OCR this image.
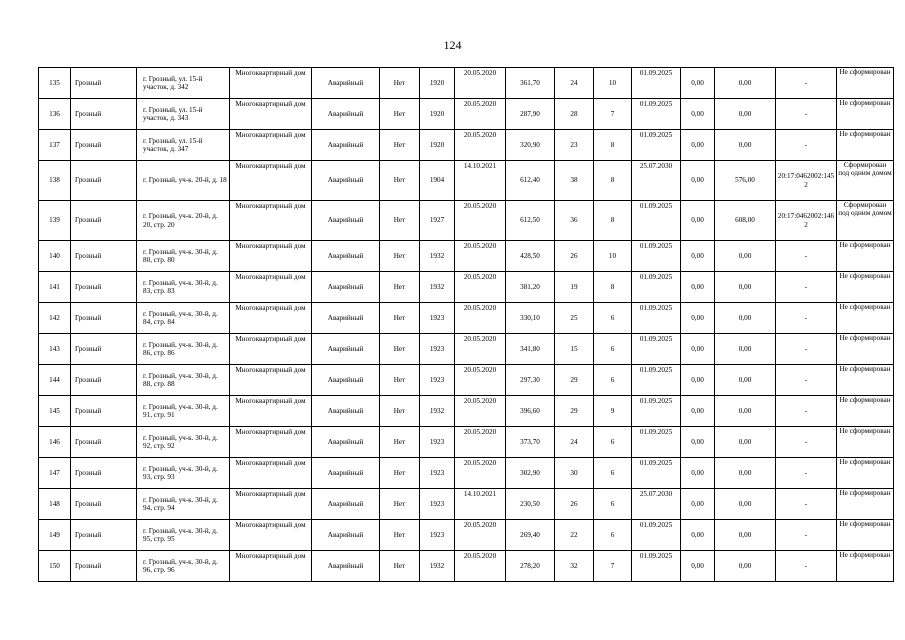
124
135	Грозный	г. Грозный, ул. 15-й участок, д. 342	Многоквартирный дом	Аварийный	Нет	1920	20.05.2020	361,70	24	10	01.09.2025	0,00	0,00	-	Не сформирован
136	Грозный	г. Грозный, ул. 15-й участок, д. 343	Многоквартирный дом	Аварийный	Нет	1920	20.05.2020	287,90	28	7	01.09.2025	0,00	0,00	-	Не сформирован
137	Грозный	г. Грозный, ул. 15-й участок, д. 347	Многоквартирный дом	Аварийный	Нет	1920	20.05.2020	320,90	23	8	01.09.2025	0,00	0,00	-	Не сформирован
138	Грозный	г. Грозный, уч-к. 20-й, д. 18	Многоквартирный дом	Аварийный	Нет	1904	14.10.2021	612,40	38	8	25.07.2030	0,00	576,00	20:17:0462002:1452	Сформирован под одним домом
139	Грозный	г. Грозный, уч-к. 20-й, д. 20, стр. 20	Многоквартирный дом	Аварийный	Нет	1927	20.05.2020	612,50	36	8	01.09.2025	0,00	608,00	20:17:0462002:1462	Сформирован под одним домом
140	Грозный	г. Грозный, уч-к. 30-й, д. 80, стр. 80	Многоквартирный дом	Аварийный	Нет	1932	20.05.2020	428,50	26	10	01.09.2025	0,00	0,00	-	Не сформирован
141	Грозный	г. Грозный, уч-к. 30-й, д. 83, стр. 83	Многоквартирный дом	Аварийный	Нет	1932	20.05.2020	381,20	19	8	01.09.2025	0,00	0,00	-	Не сформирован
142	Грозный	г. Грозный, уч-к. 30-й, д. 84, стр. 84	Многоквартирный дом	Аварийный	Нет	1923	20.05.2020	330,10	25	6	01.09.2025	0,00	0,00	-	Не сформирован
143	Грозный	г. Грозный, уч-к. 30-й, д. 86, стр. 86	Многоквартирный дом	Аварийный	Нет	1923	20.05.2020	341,80	15	6	01.09.2025	0,00	0,00	-	Не сформирован
144	Грозный	г. Грозный, уч-к. 30-й, д. 88, стр. 88	Многоквартирный дом	Аварийный	Нет	1923	20.05.2020	297,30	29	6	01.09.2025	0,00	0,00	-	Не сформирован
145	Грозный	г. Грозный, уч-к. 30-й, д. 91, стр. 91	Многоквартирный дом	Аварийный	Нет	1932	20.05.2020	396,60	29	9	01.09.2025	0,00	0,00	-	Не сформирован
146	Грозный	г. Грозный, уч-к. 30-й, д. 92, стр. 92	Многоквартирный дом	Аварийный	Нет	1923	20.05.2020	373,70	24	6	01.09.2025	0,00	0,00	-	Не сформирован
147	Грозный	г. Грозный, уч-к. 30-й, д. 93, стр. 93	Многоквартирный дом	Аварийный	Нет	1923	20.05.2020	302,90	30	6	01.09.2025	0,00	0,00	-	Не сформирован
148	Грозный	г. Грозный, уч-к. 30-й, д. 94, стр. 94	Многоквартирный дом	Аварийный	Нет	1923	14.10.2021	230,50	26	6	25.07.2030	0,00	0,00	-	Не сформирован
149	Грозный	г. Грозный, уч-к. 30-й, д. 95, стр. 95	Многоквартирный дом	Аварийный	Нет	1923	20.05.2020	269,40	22	6	01.09.2025	0,00	0,00	-	Не сформирован
150	Грозный	г. Грозный, уч-к. 30-й, д. 96, стр. 96	Многоквартирный дом	Аварийный	Нет	1932	20.05.2020	278,20	32	7	01.09.2025	0,00	0,00	-	Не сформирован
